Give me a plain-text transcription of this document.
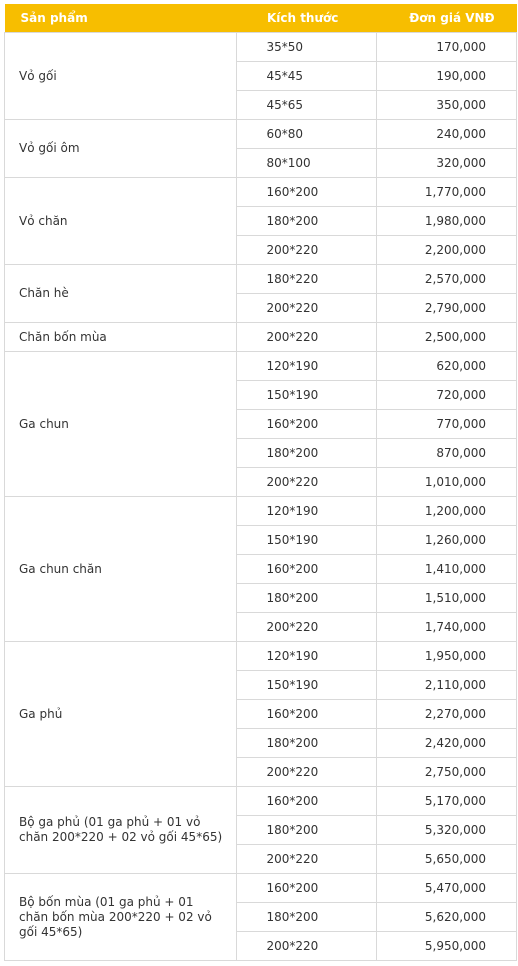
Sản phẩm	Kích thước	Đơn giá VNĐ
Vỏ gối	35*50	170,000
	45*45	190,000
	45*65	350,000
Vỏ gối ôm	60*80	240,000
	80*100	320,000
Vỏ chăn	160*200	1,770,000
	180*200	1,980,000
	200*220	2,200,000
Chăn hè	180*220	2,570,000
	200*220	2,790,000
Chăn bốn mùa	200*220	2,500,000
Ga chun	120*190	620,000
	150*190	720,000
	160*200	770,000
	180*200	870,000
	200*220	1,010,000
Ga chun chăn	120*190	1,200,000
	150*190	1,260,000
	160*200	1,410,000
	180*200	1,510,000
	200*220	1,740,000
Ga phủ	120*190	1,950,000
	150*190	2,110,000
	160*200	2,270,000
	180*200	2,420,000
	200*220	2,750,000
Bộ ga phủ (01 ga phủ + 01 vỏ chăn 200*220 + 02 vỏ gối 45*65)	160*200	5,170,000
	180*200	5,320,000
	200*220	5,650,000
Bộ bốn mùa (01 ga phủ + 01 chăn bốn mùa 200*220 + 02 vỏ gối 45*65)	160*200	5,470,000
	180*200	5,620,000
	200*220	5,950,000
